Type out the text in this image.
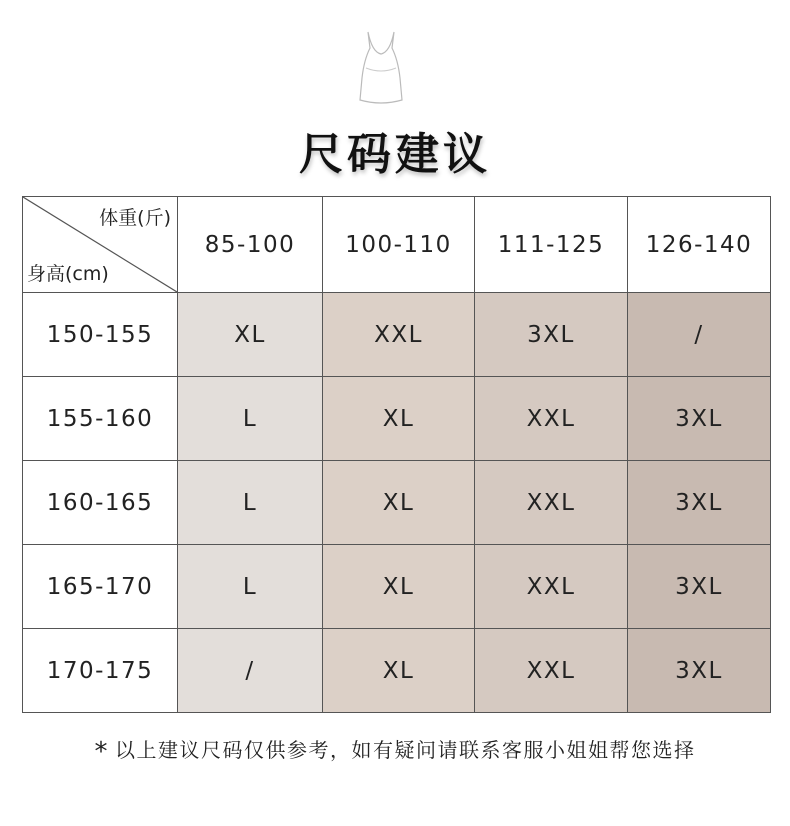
尺码建议
体重(斤)
身高(cm)	85-100	100-110	111-125	126-140
150-155	XL	XXL	3XL	/
155-160	L	XL	XXL	3XL
160-165	L	XL	XXL	3XL
165-170	L	XL	XXL	3XL
170-175	/	XL	XXL	3XL
* 以上建议尺码仅供参考，如有疑问请联系客服小姐姐帮您选择
